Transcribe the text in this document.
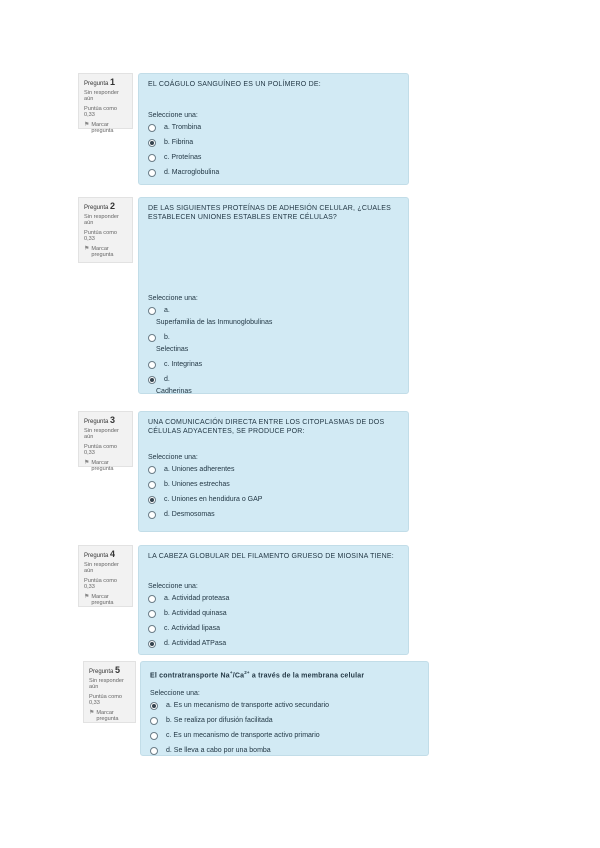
Pregunta 1
Sin responder aún
Puntúa como 0,33
⚑ Marcar pregunta
EL COÁGULO SANGUÍNEO ES UN POLÍMERO DE:
Seleccione una:
a.
Trombina
b.
Fibrina
c.
Proteínas
d.
Macroglobulina
Pregunta 2
Sin responder aún
Puntúa como 0,33
⚑ Marcar pregunta
DE LAS SIGUIENTES PROTEÍNAS DE ADHESIÓN CELULAR, ¿CUALES ESTABLECEN UNIONES ESTABLES ENTRE CÉLULAS?
Seleccione una:
a.
Superfamilia de las Inmunoglobulinas
b.
Selectinas
c.
Integrinas
d.
Cadherinas
Pregunta 3
Sin responder aún
Puntúa como 0,33
⚑ Marcar pregunta
UNA COMUNICACIÓN DIRECTA ENTRE LOS CITOPLASMAS DE DOS CÉLULAS ADYACENTES, SE PRODUCE POR:
Seleccione una:
a.
Uniones adherentes
b.
Uniones estrechas
c.
Uniones en hendidura o GAP
d.
Desmosomas
Pregunta 4
Sin responder aún
Puntúa como 0,33
⚑ Marcar pregunta
LA CABEZA GLOBULAR DEL FILAMENTO GRUESO DE MIOSINA TIENE:
Seleccione una:
a.
Actividad proteasa
b.
Actividad quinasa
c.
Actividad lipasa
d.
Actividad ATPasa
Pregunta 5
Sin responder aún
Puntúa como 0,33
⚑ Marcar pregunta
El contratransporte $Na^+/Ca^{2+}$ a través de la membrana celular
Seleccione una:
a.
Es un mecanismo de transporte activo secundario
b.
Se realiza por difusión facilitada
c.
Es un mecanismo de transporte activo primario
d.
Se lleva a cabo por una bomba
